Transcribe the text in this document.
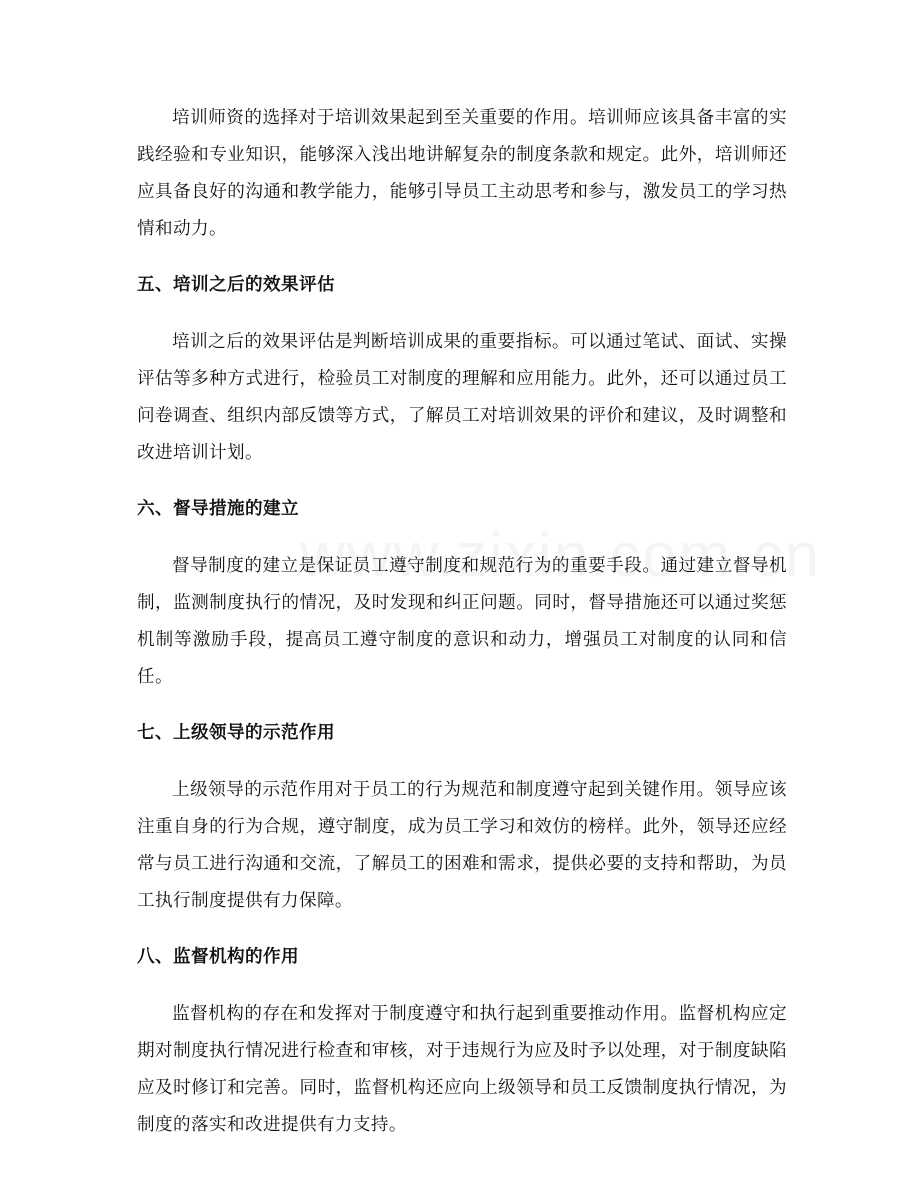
培训师资的选择对于培训效果起到至关重要的作用。培训师应该具备丰富的实践经验和专业知识，能够深入浅出地讲解复杂的制度条款和规定。此外，培训师还应具备良好的沟通和教学能力，能够引导员工主动思考和参与，激发员工的学习热情和动力。

五、培训之后的效果评估

培训之后的效果评估是判断培训成果的重要指标。可以通过笔试、面试、实操评估等多种方式进行，检验员工对制度的理解和应用能力。此外，还可以通过员工问卷调查、组织内部反馈等方式，了解员工对培训效果的评价和建议，及时调整和改进培训计划。

六、督导措施的建立

督导制度的建立是保证员工遵守制度和规范行为的重要手段。通过建立督导机制，监测制度执行的情况，及时发现和纠正问题。同时，督导措施还可以通过奖惩机制等激励手段，提高员工遵守制度的意识和动力，增强员工对制度的认同和信任。

七、上级领导的示范作用

上级领导的示范作用对于员工的行为规范和制度遵守起到关键作用。领导应该注重自身的行为合规，遵守制度，成为员工学习和效仿的榜样。此外，领导还应经常与员工进行沟通和交流，了解员工的困难和需求，提供必要的支持和帮助，为员工执行制度提供有力保障。

八、监督机构的作用

监督机构的存在和发挥对于制度遵守和执行起到重要推动作用。监督机构应定期对制度执行情况进行检查和审核，对于违规行为应及时予以处理，对于制度缺陷应及时修订和完善。同时，监督机构还应向上级领导和员工反馈制度执行情况，为制度的落实和改进提供有力支持。
